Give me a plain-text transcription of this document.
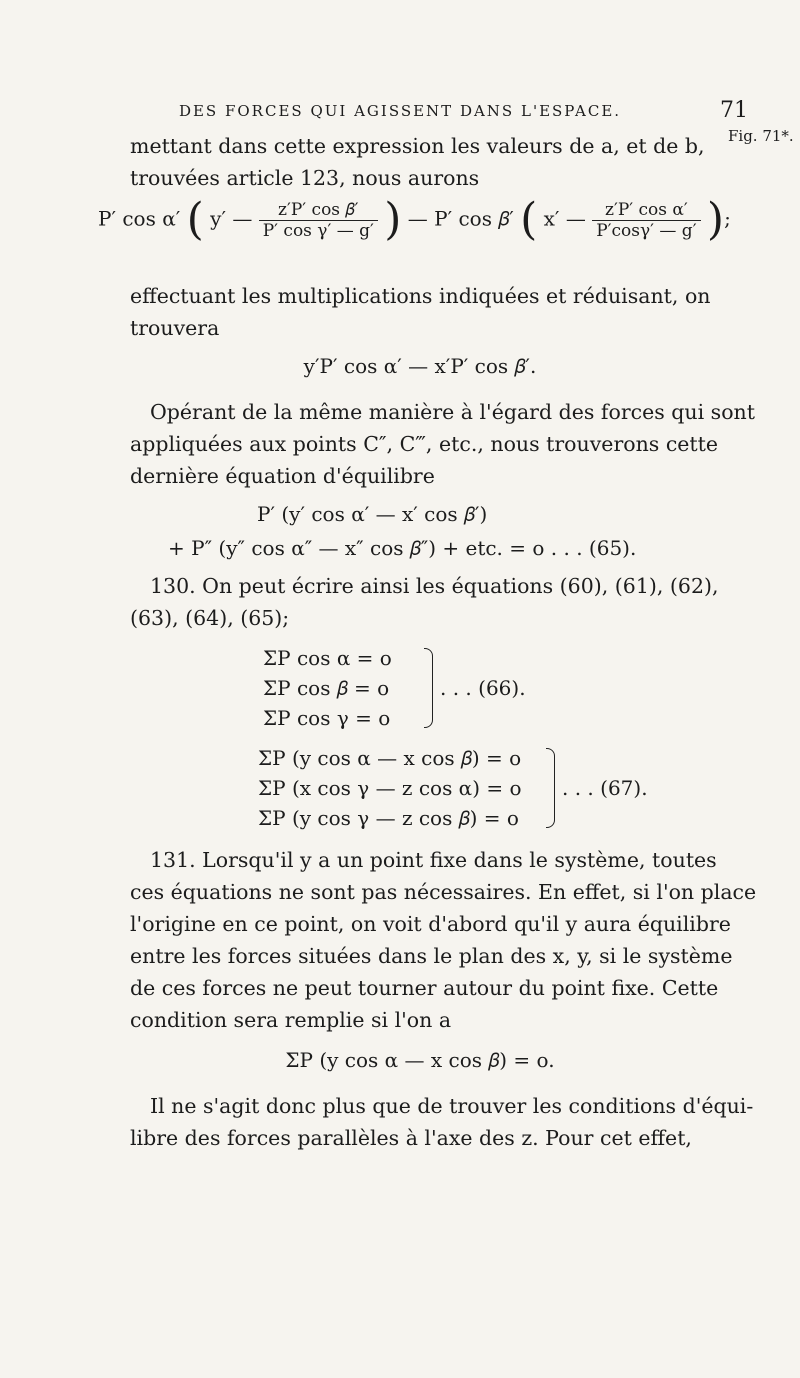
DES FORCES QUI AGISSENT DANS L'ESPACE.	71
Fig. 71*.
mettant dans cette expression les valeurs de a, et de b,
trouvées article 123, nous aurons
P′ cos α′ ( y′ — $\frac{\text{z′P′ cos 𝛽′}}{\text{P′ cos γ′ — g′}}$ ) — P′ cos 𝛽′ ( x′ — $\frac{\text{z′P′ cos α′}}{P'\cos\gamma' — g'}$ );
effectuant les multiplications indiquées et réduisant, on
trouvera
y′P′ cos α′ — x′P′ cos 𝛽′.
Opérant de la même manière à l'égard des forces qui sont
appliquées aux points C″, C‴, etc., nous trouverons cette
dernière équation d'équilibre
P′ (y′ cos α′ — x′ cos 𝛽′)
+ P″ (y″ cos α″ — x″ cos 𝛽″) + etc. = o . . . (65).
130. On peut écrire ainsi les équations (60), (61), (62),
(63), (64), (65);
ΣP cos α = o
ΣP cos 𝛽 = o
ΣP cos γ = o
. . . (66).
ΣP (y cos α — x cos 𝛽) = o
ΣP (x cos γ — z cos α) = o
ΣP (y cos γ — z cos 𝛽) = o
. . . (67).
131. Lorsqu'il y a un point fixe dans le système, toutes
ces équations ne sont pas nécessaires. En effet, si l'on place
l'origine en ce point, on voit d'abord qu'il y aura équilibre
entre les forces situées dans le plan des x, y, si le système
de ces forces ne peut tourner autour du point fixe. Cette
condition sera remplie si l'on a
ΣP (y cos α — x cos 𝛽) = o.
Il ne s'agit donc plus que de trouver les conditions d'équi-
libre des forces parallèles à l'axe des z. Pour cet effet,
